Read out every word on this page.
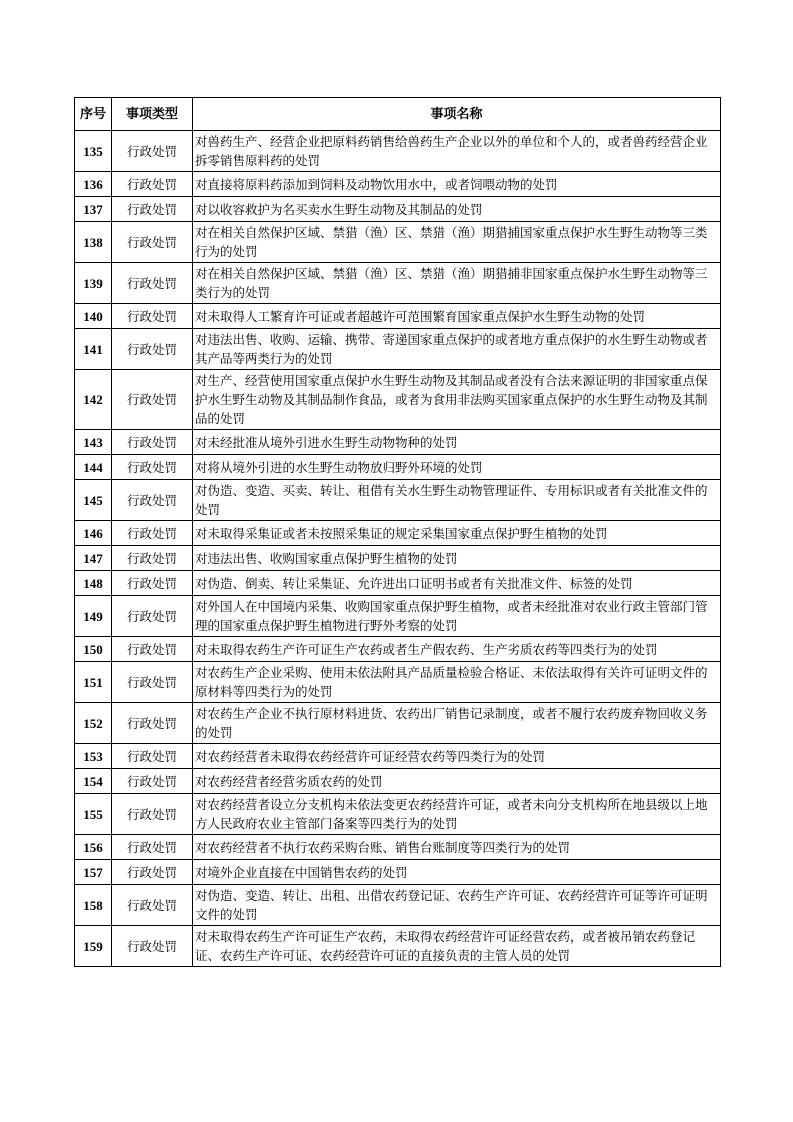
序号	事项类型	事项名称
135	行政处罚	对兽药生产、经营企业把原料药销售给兽药生产企业以外的单位和个人的，或者兽药经营企业拆零销售原料药的处罚
136	行政处罚	对直接将原料药添加到饲料及动物饮用水中，或者饲喂动物的处罚
137	行政处罚	对以收容救护为名买卖水生野生动物及其制品的处罚
138	行政处罚	对在相关自然保护区域、禁猎（渔）区、禁猎（渔）期猎捕国家重点保护水生野生动物等三类行为的处罚
139	行政处罚	对在相关自然保护区域、禁猎（渔）区、禁猎（渔）期猎捕非国家重点保护水生野生动物等三类行为的处罚
140	行政处罚	对未取得人工繁育许可证或者超越许可范围繁育国家重点保护水生野生动物的处罚
141	行政处罚	对违法出售、收购、运输、携带、寄递国家重点保护的或者地方重点保护的水生野生动物或者其产品等两类行为的处罚
142	行政处罚	对生产、经营使用国家重点保护水生野生动物及其制品或者没有合法来源证明的非国家重点保护水生野生动物及其制品制作食品，或者为食用非法购买国家重点保护的水生野生动物及其制品的处罚
143	行政处罚	对未经批准从境外引进水生野生动物物种的处罚
144	行政处罚	对将从境外引进的水生野生动物放归野外环境的处罚
145	行政处罚	对伪造、变造、买卖、转让、租借有关水生野生动物管理证件、专用标识或者有关批准文件的处罚
146	行政处罚	对未取得采集证或者未按照采集证的规定采集国家重点保护野生植物的处罚
147	行政处罚	对违法出售、收购国家重点保护野生植物的处罚
148	行政处罚	对伪造、倒卖、转让采集证、允许进出口证明书或者有关批准文件、标签的处罚
149	行政处罚	对外国人在中国境内采集、收购国家重点保护野生植物，或者未经批准对农业行政主管部门管理的国家重点保护野生植物进行野外考察的处罚
150	行政处罚	对未取得农药生产许可证生产农药或者生产假农药、生产劣质农药等四类行为的处罚
151	行政处罚	对农药生产企业采购、使用未依法附具产品质量检验合格证、未依法取得有关许可证明文件的原材料等四类行为的处罚
152	行政处罚	对农药生产企业不执行原材料进货、农药出厂销售记录制度，或者不履行农药废弃物回收义务的处罚
153	行政处罚	对农药经营者未取得农药经营许可证经营农药等四类行为的处罚
154	行政处罚	对农药经营者经营劣质农药的处罚
155	行政处罚	对农药经营者设立分支机构未依法变更农药经营许可证，或者未向分支机构所在地县级以上地方人民政府农业主管部门备案等四类行为的处罚
156	行政处罚	对农药经营者不执行农药采购台账、销售台账制度等四类行为的处罚
157	行政处罚	对境外企业直接在中国销售农药的处罚
158	行政处罚	对伪造、变造、转让、出租、出借农药登记证、农药生产许可证、农药经营许可证等许可证明文件的处罚
159	行政处罚	对未取得农药生产许可证生产农药，未取得农药经营许可证经营农药，或者被吊销农药登记证、农药生产许可证、农药经营许可证的直接负责的主管人员的处罚
